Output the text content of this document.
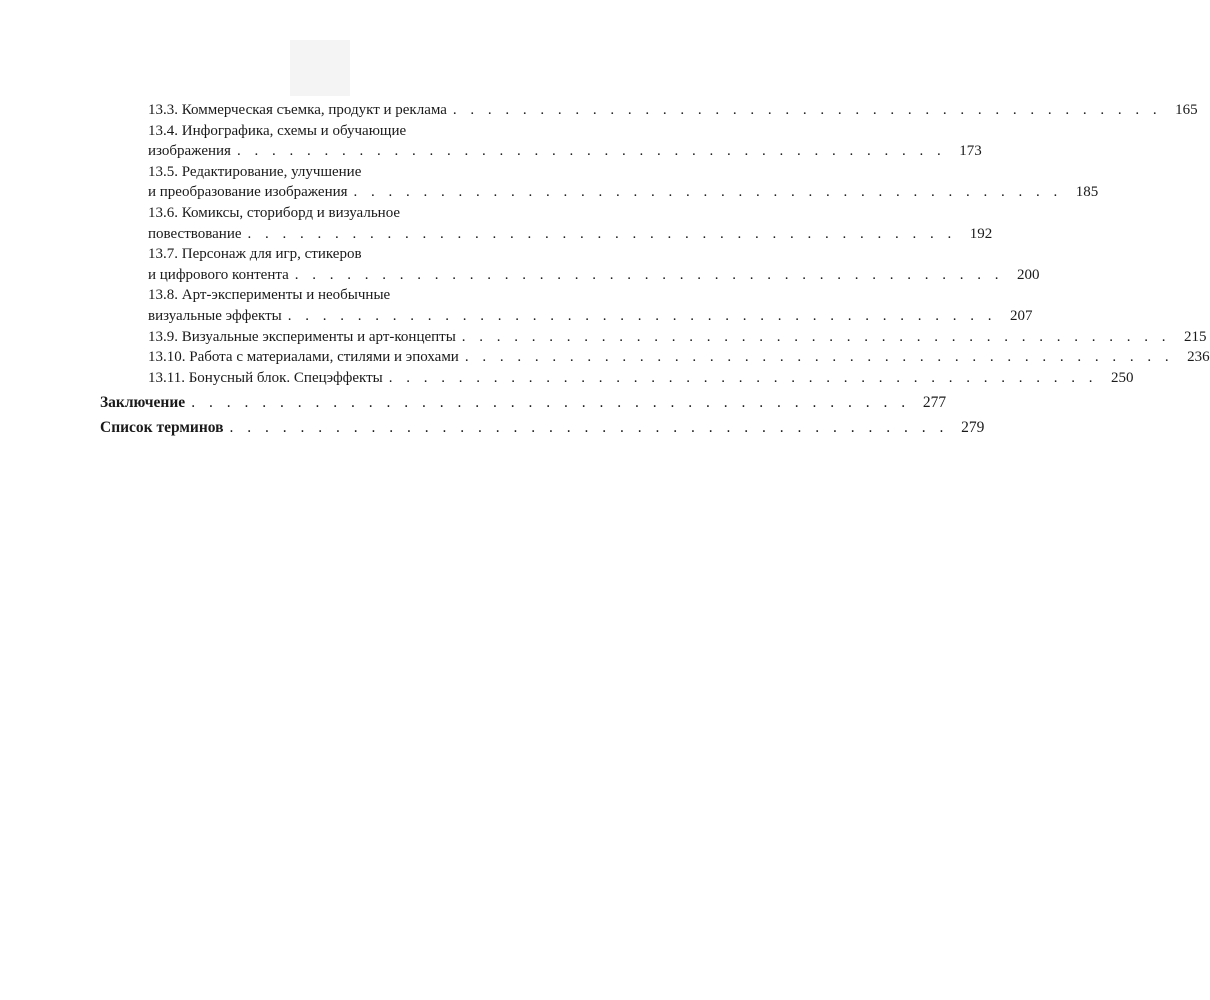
13.3. Коммерческая съемка, продукт и реклама . . . . . . . . . . . . . . . . . . . . . . . . . . . . . . . . . . . . . . . . . 165
13.4. Инфографика, схемы и обучающие
изображения . . . . . . . . . . . . . . . . . . . . . . . . . . . . . . . . . . . . . . . . . 173
13.5. Редактирование, улучшение
и преобразование изображения . . . . . . . . . . . . . . . . . . . . . . . . . . . . . . . . . . . . . . . . . 185
13.6. Комиксы, сториборд и визуальное
повествование . . . . . . . . . . . . . . . . . . . . . . . . . . . . . . . . . . . . . . . . . 192
13.7. Персонаж для игр, стикеров
и цифрового контента . . . . . . . . . . . . . . . . . . . . . . . . . . . . . . . . . . . . . . . . . 200
13.8. Арт-эксперименты и необычные
визуальные эффекты . . . . . . . . . . . . . . . . . . . . . . . . . . . . . . . . . . . . . . . . . 207
13.9. Визуальные эксперименты и арт-концепты . . . . . . . . . . . . . . . . . . . . . . . . . . . . . . . . . . . . . . . . . 215
13.10. Работа с материалами, стилями и эпохами . . . . . . . . . . . . . . . . . . . . . . . . . . . . . . . . . . . . . . . . . 236
13.11. Бонусный блок. Спецэффекты . . . . . . . . . . . . . . . . . . . . . . . . . . . . . . . . . . . . . . . . . 250
Заключение . . . . . . . . . . . . . . . . . . . . . . . . . . . . . . . . . . . . . . . . . 277
Список терминов . . . . . . . . . . . . . . . . . . . . . . . . . . . . . . . . . . . . . . . . . 279
